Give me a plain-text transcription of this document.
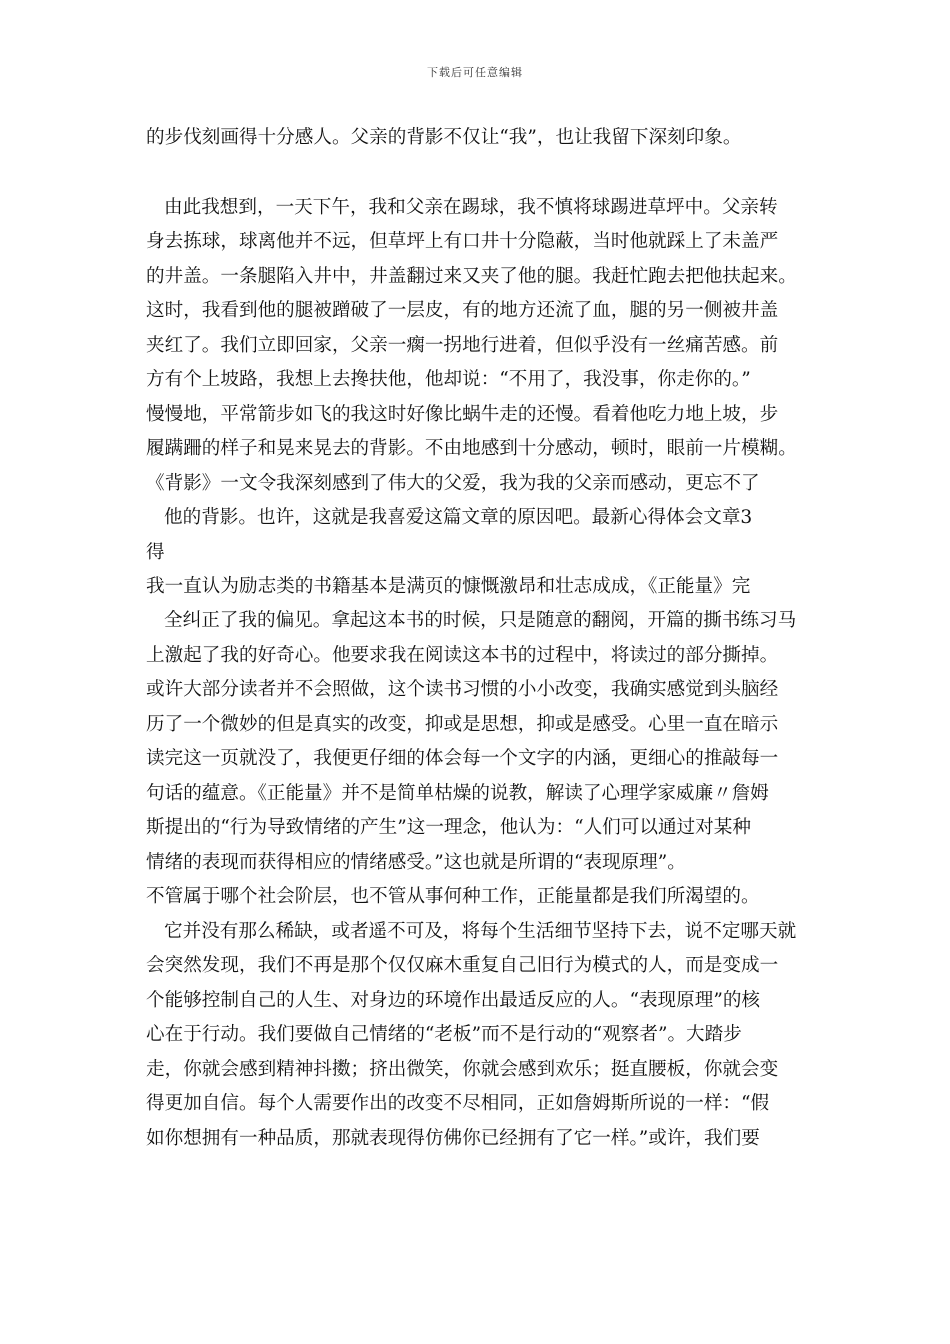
下载后可任意编辑
的步伐刻画得十分感人。父亲的背影不仅让“我”，也让我留下深刻印象。
由此我想到，一天下午，我和父亲在踢球，我不慎将球踢进草坪中。父亲转
身去拣球，球离他并不远，但草坪上有口井十分隐蔽，当时他就踩上了未盖严
的井盖。一条腿陷入井中，井盖翻过来又夹了他的腿。我赶忙跑去把他扶起来。
这时，我看到他的腿被蹭破了一层皮，有的地方还流了血，腿的另一侧被井盖
夹红了。我们立即回家，父亲一瘸一拐地行进着，但似乎没有一丝痛苦感。前
方有个上坡路，我想上去搀扶他，他却说：“不用了，我没事，你走你的。”
慢慢地，平常箭步如飞的我这时好像比蜗牛走的还慢。看着他吃力地上坡，步
履蹒跚的样子和晃来晃去的背影。不由地感到十分感动，顿时，眼前一片模糊。
《背影》一文令我深刻感到了伟大的父爱，我为我的父亲而感动，更忘不了
他的背影。也许，这就是我喜爱这篇文章的原因吧。最新心得体会文章3
得
我一直认为励志类的书籍基本是满页的慷慨激昂和壮志成成，《正能量》完
全纠正了我的偏见。拿起这本书的时候，只是随意的翻阅，开篇的撕书练习马
上激起了我的好奇心。他要求我在阅读这本书的过程中，将读过的部分撕掉。
或许大部分读者并不会照做，这个读书习惯的小小改变，我确实感觉到头脑经
历了一个微妙的但是真实的改变，抑或是思想，抑或是感受。心里一直在暗示
读完这一页就没了，我便更仔细的体会每一个文字的内涵，更细心的推敲每一
句话的蕴意。《正能量》并不是简单枯燥的说教，解读了心理学家威廉〃詹姆
斯提出的“行为导致情绪的产生”这一理念，他认为：“人们可以通过对某种
情绪的表现而获得相应的情绪感受。”这也就是所谓的“表现原理”。
不管属于哪个社会阶层，也不管从事何种工作，正能量都是我们所渴望的。
它并没有那么稀缺，或者遥不可及，将每个生活细节坚持下去，说不定哪天就
会突然发现，我们不再是那个仅仅麻木重复自己旧行为模式的人，而是变成一
个能够控制自己的人生、对身边的环境作出最适反应的人。“表现原理”的核
心在于行动。我们要做自己情绪的“老板”而不是行动的“观察者”。大踏步
走，你就会感到精神抖擞；挤出微笑，你就会感到欢乐；挺直腰板，你就会变
得更加自信。每个人需要作出的改变不尽相同，正如詹姆斯所说的一样：“假
如你想拥有一种品质，那就表现得仿佛你已经拥有了它一样。”或许，我们要
